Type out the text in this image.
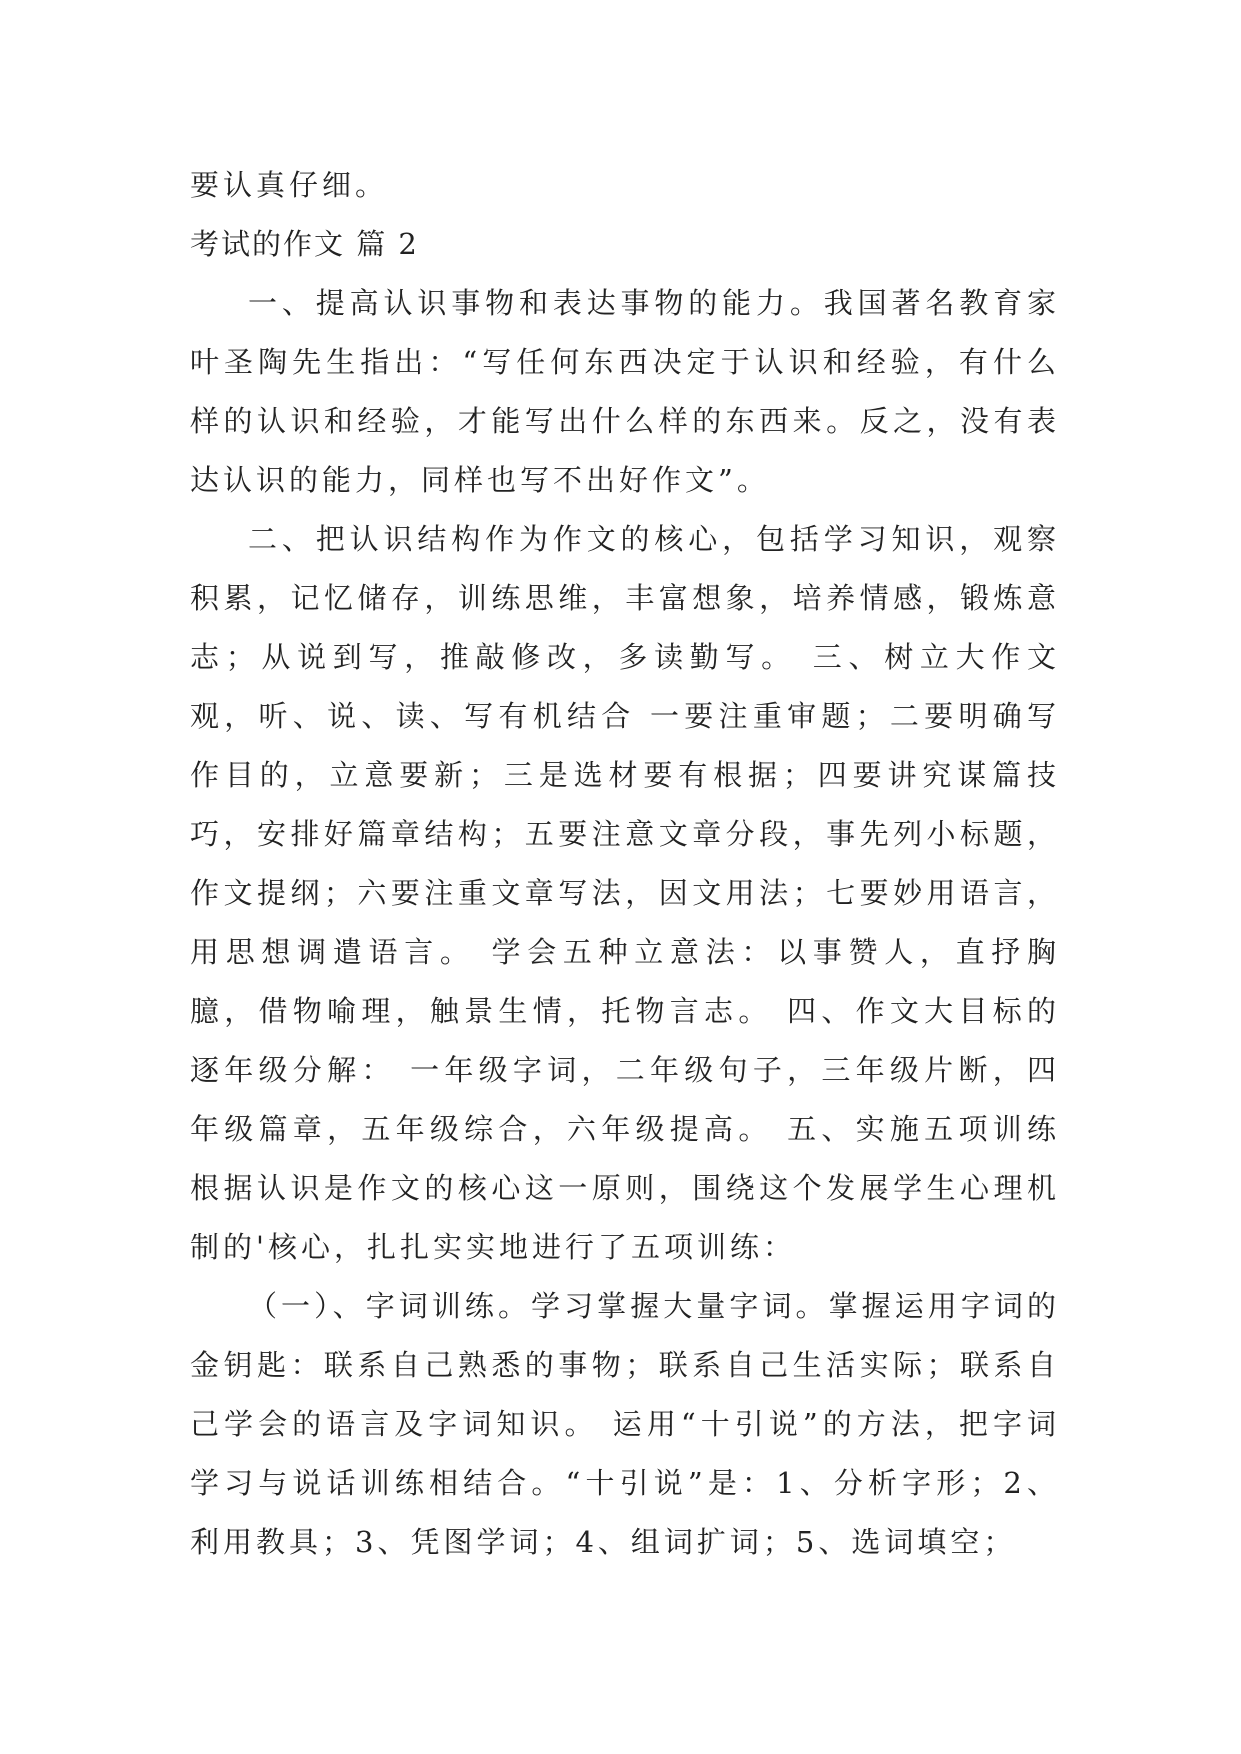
要认真仔细。

考试的作文 篇 2

一、提高认识事物和表达事物的能力。我国著名教育家叶圣陶先生指出：“写任何东西决定于认识和经验，有什么样的认识和经验，才能写出什么样的东西来。反之，没有表达认识的能力，同样也写不出好作文”。

二、把认识结构作为作文的核心，包括学习知识，观察积累，记忆储存，训练思维，丰富想象，培养情感，锻炼意志；从说到写，推敲修改，多读勤写。 三、树立大作文观，听、说、读、写有机结合 一要注重审题；二要明确写作目的，立意要新；三是选材要有根据；四要讲究谋篇技巧，安排好篇章结构；五要注意文章分段，事先列小标题，作文提纲；六要注重文章写法，因文用法；七要妙用语言，用思想调遣语言。 学会五种立意法：以事赞人，直抒胸臆，借物喻理，触景生情，托物言志。 四、作文大目标的逐年级分解： 一年级字词，二年级句子，三年级片断，四年级篇章，五年级综合，六年级提高。 五、实施五项训练 根据认识是作文的核心这一原则，围绕这个发展学生心理机制的'核心，扎扎实实地进行了五项训练：

（一）、字词训练。学习掌握大量字词。掌握运用字词的金钥匙：联系自己熟悉的事物；联系自己生活实际；联系自己学会的语言及字词知识。 运用“十引说”的方法，把字词学习与说话训练相结合。“十引说”是：1、分析字形；2、利用教具；3、凭图学词；4、组词扩词；5、选词填空；
